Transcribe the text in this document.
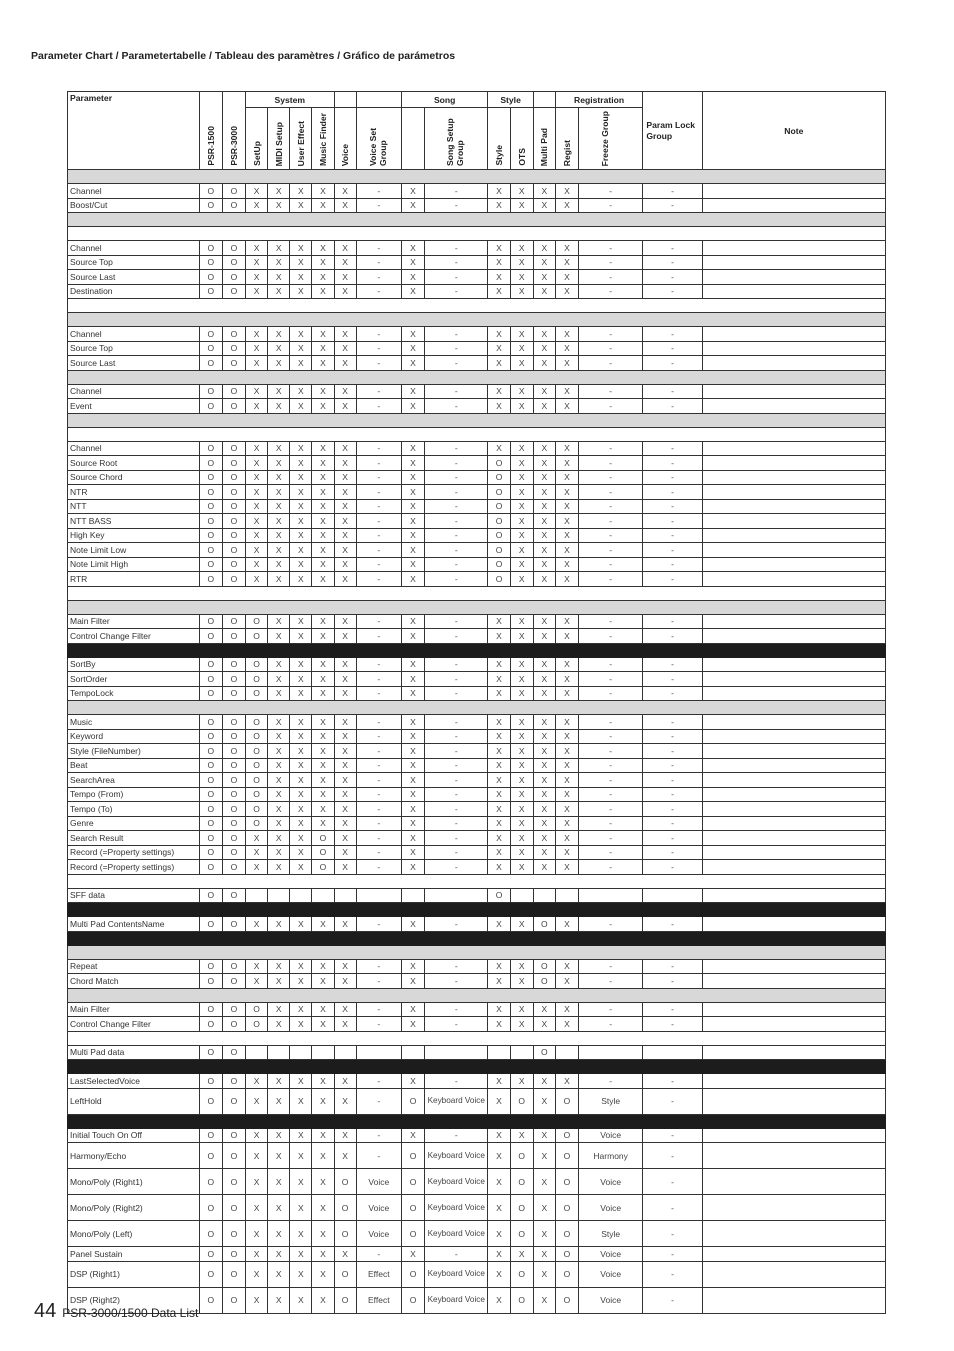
Parameter Chart / Parametertabelle / Tableau des paramètres / Gráfico de parámetros
Parameter	PSR-1500	PSR-3000	System						Song		Style			Registration		Param Lock Group	Note

			SetUp	MIDI Setup	User Effect	Music Finder	Voice	Voice Set Group		Song Setup Group	Style	OTS	Multi Pad	Regist	Freeze Group		

Channel	O	O	X	X	X	X	X	-	X	-	X	X	X	X	-	-	
Boost/Cut	O	O	X	X	X	X	X	-	X	-	X	X	X	X	-	-	

Channel	O	O	X	X	X	X	X	-	X	-	X	X	X	X	-	-	
Source Top	O	O	X	X	X	X	X	-	X	-	X	X	X	X	-	-	
Source Last	O	O	X	X	X	X	X	-	X	-	X	X	X	X	-	-	
Destination	O	O	X	X	X	X	X	-	X	-	X	X	X	X	-	-	

Channel	O	O	X	X	X	X	X	-	X	-	X	X	X	X	-	-	
Source Top	O	O	X	X	X	X	X	-	X	-	X	X	X	X	-	-	
Source Last	O	O	X	X	X	X	X	-	X	-	X	X	X	X	-	-	

Channel	O	O	X	X	X	X	X	-	X	-	X	X	X	X	-	-	
Event	O	O	X	X	X	X	X	-	X	-	X	X	X	X	-	-	

Channel	O	O	X	X	X	X	X	-	X	-	X	X	X	X	-	-	
Source Root	O	O	X	X	X	X	X	-	X	-	O	X	X	X	-	-	
Source Chord	O	O	X	X	X	X	X	-	X	-	O	X	X	X	-	-	
NTR	O	O	X	X	X	X	X	-	X	-	O	X	X	X	-	-	
NTT	O	O	X	X	X	X	X	-	X	-	O	X	X	X	-	-	
NTT BASS	O	O	X	X	X	X	X	-	X	-	O	X	X	X	-	-	
High Key	O	O	X	X	X	X	X	-	X	-	O	X	X	X	-	-	
Note Limit Low	O	O	X	X	X	X	X	-	X	-	O	X	X	X	-	-	
Note Limit High	O	O	X	X	X	X	X	-	X	-	O	X	X	X	-	-	
RTR	O	O	X	X	X	X	X	-	X	-	O	X	X	X	-	-	

Main Filter	O	O	O	X	X	X	X	-	X	-	X	X	X	X	-	-	
Control Change Filter	O	O	O	X	X	X	X	-	X	-	X	X	X	X	-	-	

SortBy	O	O	O	X	X	X	X	-	X	-	X	X	X	X	-	-	
SortOrder	O	O	O	X	X	X	X	-	X	-	X	X	X	X	-	-	
TempoLock	O	O	O	X	X	X	X	-	X	-	X	X	X	X	-	-	

Music	O	O	O	X	X	X	X	-	X	-	X	X	X	X	-	-	
Keyword	O	O	O	X	X	X	X	-	X	-	X	X	X	X	-	-	
Style (FileNumber)	O	O	O	X	X	X	X	-	X	-	X	X	X	X	-	-	
Beat	O	O	O	X	X	X	X	-	X	-	X	X	X	X	-	-	
SearchArea	O	O	O	X	X	X	X	-	X	-	X	X	X	X	-	-	
Tempo (From)	O	O	O	X	X	X	X	-	X	-	X	X	X	X	-	-	
Tempo (To)	O	O	O	X	X	X	X	-	X	-	X	X	X	X	-	-	
Genre	O	O	O	X	X	X	X	-	X	-	X	X	X	X	-	-	
Search Result	O	O	X	X	X	O	X	-	X	-	X	X	X	X	-	-	
Record (=Property settings)	O	O	X	X	X	O	X	-	X	-	X	X	X	X	-	-	
Record (=Property settings)	O	O	X	X	X	O	X	-	X	-	X	X	X	X	-	-	

SFF data	O	O									O						

Multi Pad ContentsName	O	O	X	X	X	X	X	-	X	-	X	X	O	X	-	-	

Repeat	O	O	X	X	X	X	X	-	X	-	X	X	O	X	-	-	
Chord Match	O	O	X	X	X	X	X	-	X	-	X	X	O	X	-	-	

Main Filter	O	O	O	X	X	X	X	-	X	-	X	X	X	X	-	-	
Control Change Filter	O	O	O	X	X	X	X	-	X	-	X	X	X	X	-	-	

Multi Pad data	O	O											O				

LastSelectedVoice	O	O	X	X	X	X	X	-	X	-	X	X	X	X	-	-	
LeftHold	O	O	X	X	X	X	X	-	O	Keyboard Voice	X	O	X	O	Style	-	

Initial Touch On Off	O	O	X	X	X	X	X	-	X	-	X	X	X	O	Voice	-	
Harmony/Echo	O	O	X	X	X	X	X	-	O	Keyboard Voice	X	O	X	O	Harmony	-	
Mono/Poly (Right1)	O	O	X	X	X	X	O	Voice	O	Keyboard Voice	X	O	X	O	Voice	-	
Mono/Poly (Right2)	O	O	X	X	X	X	O	Voice	O	Keyboard Voice	X	O	X	O	Voice	-	
Mono/Poly (Left)	O	O	X	X	X	X	O	Voice	O	Keyboard Voice	X	O	X	O	Style	-	
Panel Sustain	O	O	X	X	X	X	X	-	X	-	X	X	X	O	Voice	-	
DSP (Right1)	O	O	X	X	X	X	O	Effect	O	Keyboard Voice	X	O	X	O	Voice	-	
DSP (Right2)	O	O	X	X	X	X	O	Effect	O	Keyboard Voice	X	O	X	O	Voice	-	
44 PSR-3000/1500 Data List
